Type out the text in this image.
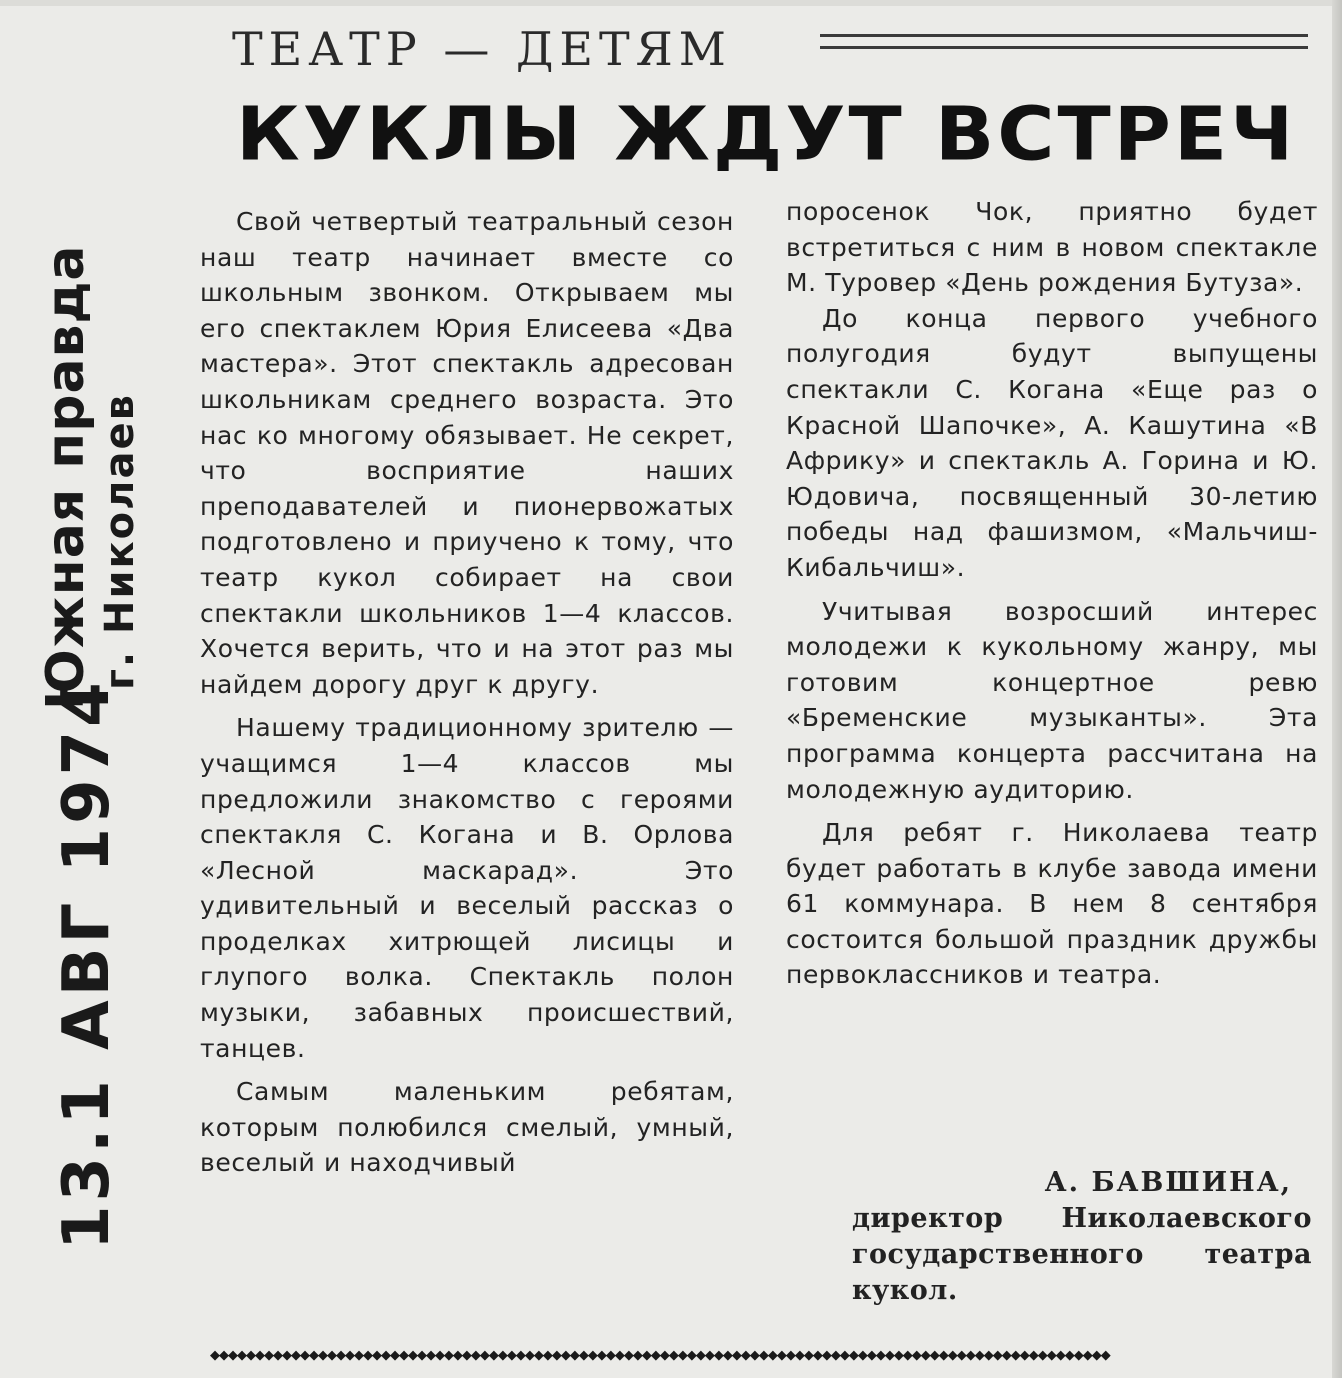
Южная правда г. Николаев
13.1 АВГ 1974
ТЕАТР — ДЕТЯМ
КУКЛЫ ЖДУТ ВСТРЕЧ

Свой четвертый театральный сезон наш театр начинает вместе со школьным звонком. Открываем мы его спектаклем Юрия Елисеева «Два мастера». Этот спектакль адресован школьникам среднего возраста. Это нас ко многому обязывает. Не секрет, что восприятие наших преподавателей и пионервожатых подготовлено и приучено к тому, что театр кукол собирает на свои спектакли школьников 1—4 классов. Хочется верить, что и на этот раз мы найдем дорогу друг к другу.

Нашему традиционному зрителю — учащимся 1—4 классов мы предложили знакомство с героями спектакля С. Когана и В. Орлова «Лесной маскарад». Это удивительный и веселый рассказ о проделках хитрющей лисицы и глупого волка. Спектакль полон музыки, забавных происшествий, танцев.

Самым маленьким ребятам, которым полюбился смелый, умный, веселый и находчивый

поросенок Чок, приятно будет встретиться с ним в новом спектакле М. Туровер «День рождения Бутуза».

До конца первого учебного полугодия будут выпущены спектакли С. Когана «Еще раз о Красной Шапочке», А. Кашутина «В Африку» и спектакль А. Горина и Ю. Юдовича, посвященный 30-летию победы над фашизмом, «Мальчиш-Кибальчиш».

Учитывая возросший интерес молодежи к кукольному жанру, мы готовим концертное ревю «Бременские музыканты». Эта программа концерта рассчитана на молодежную аудиторию.

Для ребят г. Николаева театр будет работать в клубе завода имени 61 коммунара. В нем 8 сентября состоится большой праздник дружбы первоклассников и театра.

А. БАВШИНА,
директор Николаевского государственного театра кукол.
◆◆◆◆◆◆◆◆◆◆◆◆◆◆◆◆◆◆◆◆◆◆◆◆◆◆◆◆◆◆◆◆◆◆◆◆◆◆◆◆◆◆◆◆◆◆◆◆◆◆◆◆◆◆◆◆◆◆◆◆◆◆◆◆◆◆◆◆◆◆◆◆◆◆◆◆◆◆◆◆◆◆◆◆◆◆◆◆◆◆◆◆◆◆◆◆◆◆◆◆
